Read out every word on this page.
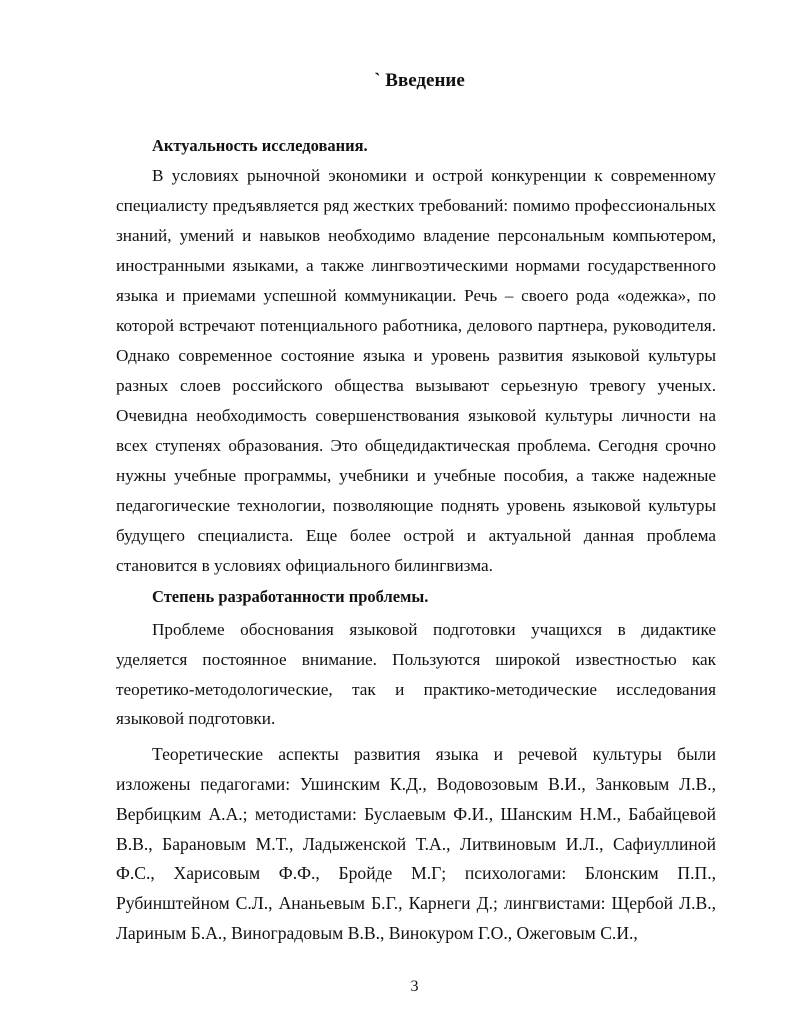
` Введение

Актуальность исследования.

В условиях рыночной экономики и острой конкуренции к современному специалисту предъявляется ряд жестких требований: помимо профессиональных знаний, умений и навыков необходимо владение персональным компьютером, иностранными языками, а также лингвоэтическими нормами государственного языка и приемами успешной коммуникации. Речь – своего рода «одежка», по которой встречают потенциального работника, делового партнера, руководителя. Однако современное состояние языка и уровень развития языковой культуры разных слоев российского общества вызывают серьезную тревогу ученых. Очевидна необходимость совершенствования языковой культуры личности на всех ступенях образования. Это общедидактическая проблема. Сегодня срочно нужны учебные программы, учебники и учебные пособия, а также надежные педагогические технологии, позволяющие поднять уровень языковой культуры будущего специалиста. Еще более острой и актуальной данная проблема становится в условиях официального билингвизма.

Степень разработанности проблемы.

Проблеме обоснования языковой подготовки учащихся в дидактике уделяется постоянное внимание. Пользуются широкой известностью как теоретико-методологические, так и практико-методические исследования языковой подготовки.

Теоретические аспекты развития языка и речевой культуры были изложены педагогами: Ушинским К.Д., Водовозовым В.И., Занковым Л.В., Вербицким А.А.; методистами: Буслаевым Ф.И., Шанским Н.М., Бабайцевой В.В., Барановым М.Т., Ладыженской Т.А., Литвиновым И.Л., Сафиуллиной Ф.С., Харисовым Ф.Ф., Бройде М.Г; психологами: Блонским П.П., Рубинштейном С.Л., Ананьевым Б.Г., Карнеги Д.; лингвистами: Щербой Л.В., Лариным Б.А., Виноградовым В.В., Винокуром Г.О., Ожеговым С.И.,

3
